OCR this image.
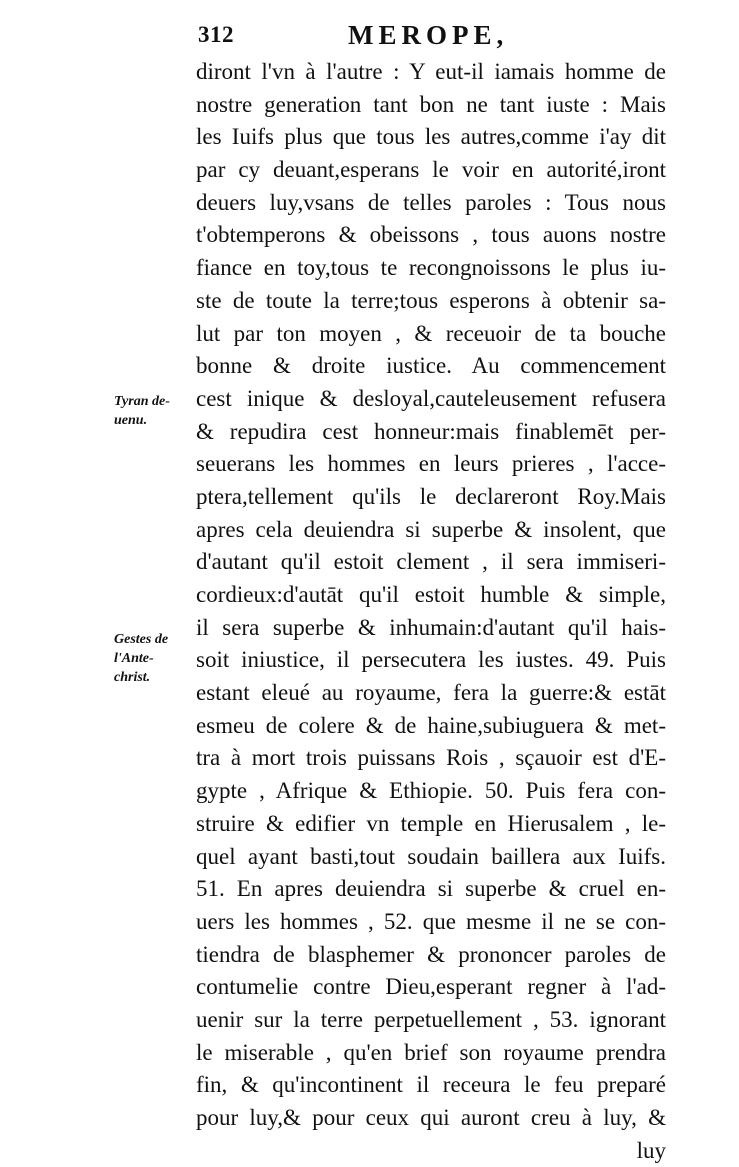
312	MEROPE,
Tyran de-
uenu.
Gestes de
l'Ante-
christ.
diront l'vn à l'autre : Y eut-il iamais homme de
nostre generation tant bon ne tant iuste : Mais
les Iuifs plus que tous les autres,comme i'ay dit
par cy deuant,esperans le voir en autorité,iront
deuers luy,vsans de telles paroles : Tous nous
t'obtemperons & obeissons , tous auons nostre
fiance en toy,tous te recongnoissons le plus iu-
ste de toute la terre;tous esperons à obtenir sa-
lut par ton moyen , & receuoir de ta bouche
bonne & droite iustice. Au commencement
cest inique & desloyal,cauteleusement refusera
& repudira cest honneur:mais finablemēt per-
seuerans les hommes en leurs prieres , l'acce-
ptera,tellement qu'ils le declareront Roy.Mais
apres cela deuiendra si superbe & insolent, que
d'autant qu'il estoit clement , il sera immiseri-
cordieux:d'autāt qu'il estoit humble & simple,
il sera superbe & inhumain:d'autant qu'il hais-
soit iniustice, il persecutera les iustes. 49. Puis
estant eleué au royaume, fera la guerre:& estāt
esmeu de colere & de haine,subiuguera & met-
tra à mort trois puissans Rois , sçauoir est d'E-
gypte , Afrique & Ethiopie. 50. Puis fera con-
struire & edifier vn temple en Hierusalem , le-
quel ayant basti,tout soudain baillera aux Iuifs.
51. En apres deuiendra si superbe & cruel en-
uers les hommes , 52. que mesme il ne se con-
tiendra de blasphemer & prononcer paroles de
contumelie contre Dieu,esperant regner à l'ad-
uenir sur la terre perpetuellement , 53. ignorant
le miserable , qu'en brief son royaume prendra
fin, & qu'incontinent il receura le feu preparé
pour luy,& pour ceux qui auront creu à luy, &
luy
